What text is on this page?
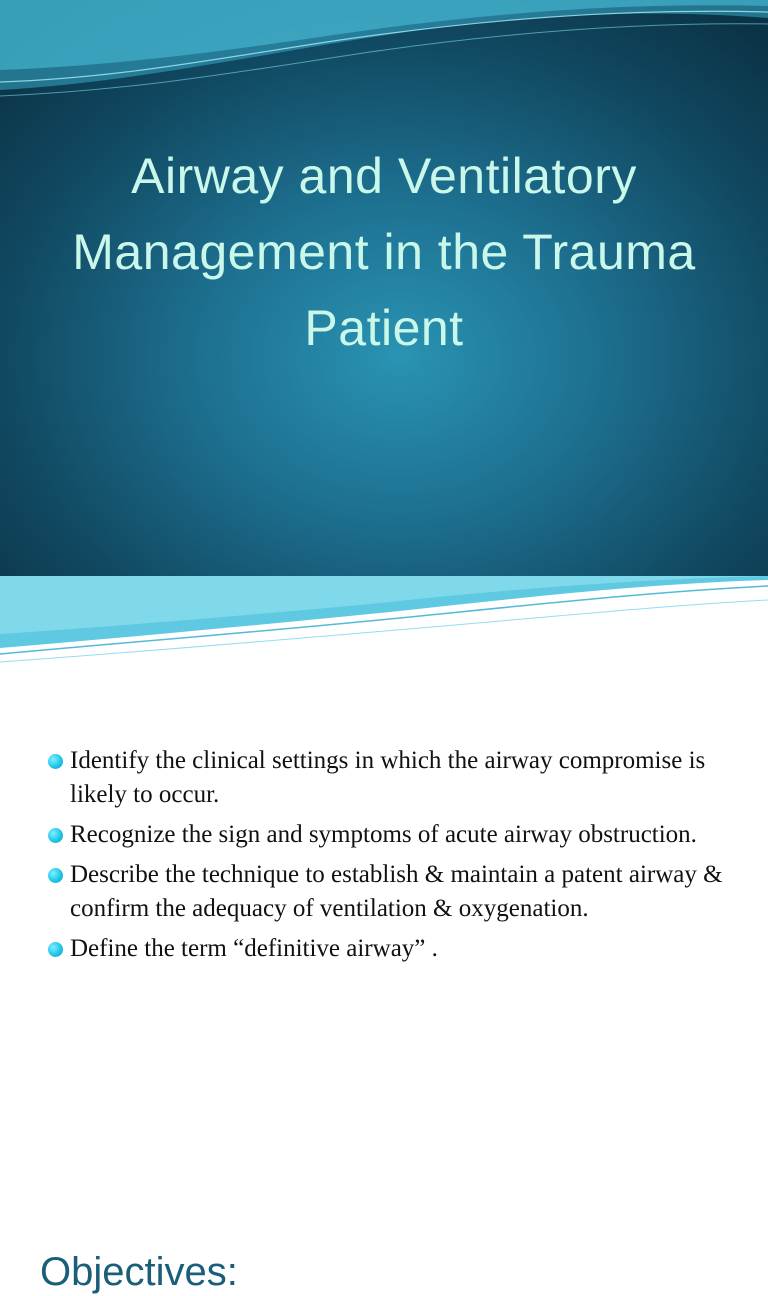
Airway and Ventilatory Management in the Trauma Patient
Objectives:
Identify the clinical settings in which the airway compromise is likely to occur.
Recognize the sign and symptoms of acute airway obstruction.
Describe the technique to establish & maintain a patent airway & confirm the adequacy of ventilation & oxygenation.
Define the term “definitive airway” .
